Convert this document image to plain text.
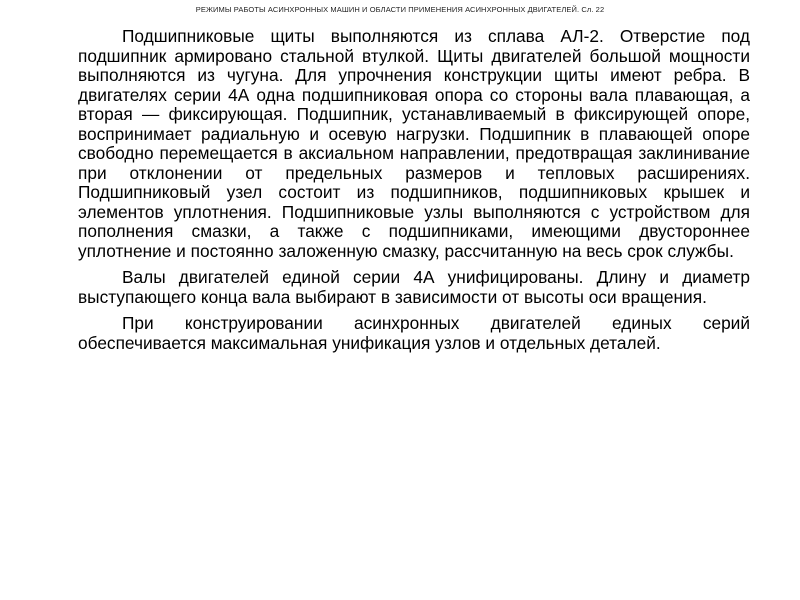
РЕЖИМЫ РАБОТЫ АСИНХРОННЫХ МАШИН И ОБЛАСТИ ПРИМЕНЕНИЯ АСИНХРОННЫХ ДВИГАТЕЛЕЙ. Сл. 22

Подшипниковые щиты выполняются из сплава АЛ-2. Отверстие под подшипник армировано стальной втулкой. Щиты двигателей большой мощности выполняются из чугуна. Для упрочнения конструкции щиты имеют ребра. В двигателях серии 4А одна подшипниковая опора со стороны вала плавающая, а вторая — фиксирующая. Подшипник, устанавливаемый в фиксирующей опоре, воспринимает радиальную и осевую нагрузки. Подшипник в плавающей опоре свободно перемещается в аксиальном направлении, предотвращая заклинивание при отклонении от предельных размеров и тепловых расширениях. Подшипниковый узел состоит из подшипников, подшипниковых крышек и элементов уплотнения. Подшипниковые узлы выполняются с устройством для пополнения смазки, а также с подшипниками, имеющими двустороннее уплотнение и постоянно заложенную смазку, рассчитанную на весь срок службы.

Валы двигателей единой серии 4А унифицированы. Длину и диаметр выступающего конца вала выбирают в зависимости от высоты оси вращения.

При конструировании асинхронных двигателей единых серий обеспечивается максимальная унификация узлов и отдельных деталей.
